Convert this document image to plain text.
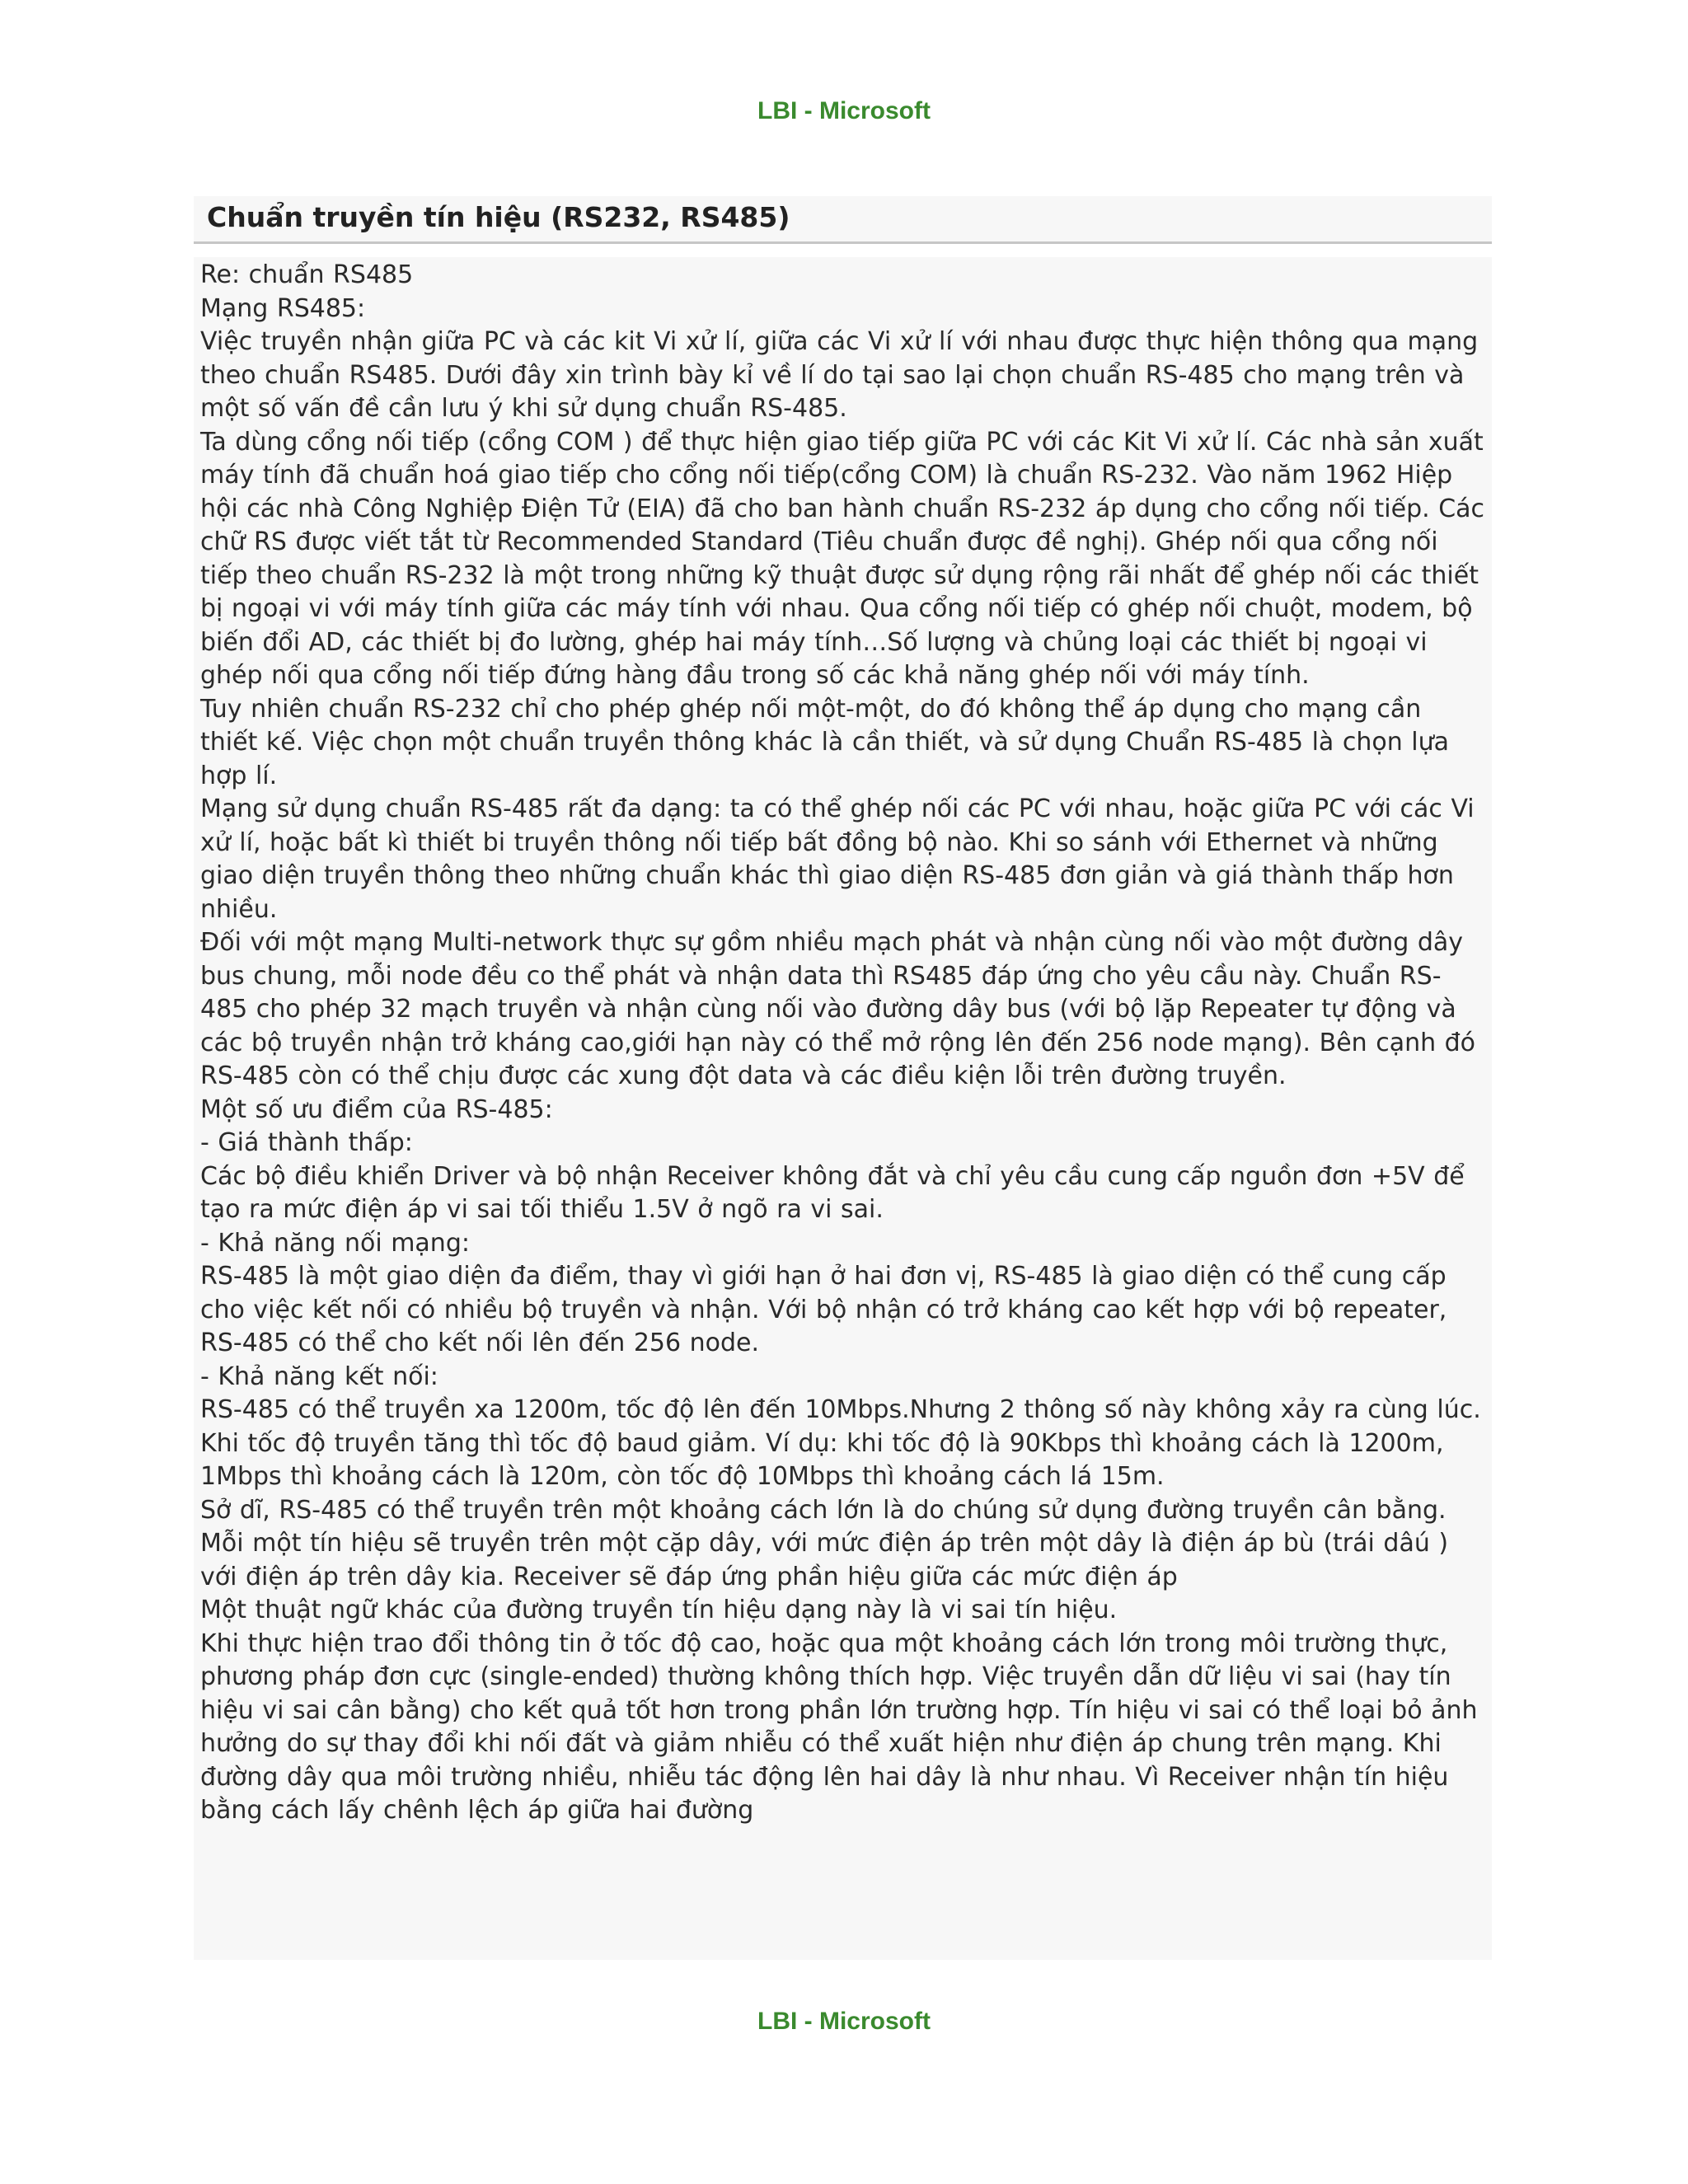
LBI - Microsoft
Chuẩn truyền tín hiệu (RS232, RS485)

Re: chuẩn RS485

Mạng RS485:

Việc truyền nhận giữa PC và các kit Vi xử lí, giữa các Vi xử lí với nhau được thực hiện thông qua mạng theo chuẩn RS485. Dưới đây xin trình bày kỉ về lí do tại sao lại chọn chuẩn RS-485 cho mạng trên và một số vấn đề cần lưu ý khi sử dụng chuẩn RS-485.

Ta dùng cổng nối tiếp (cổng COM ) để thực hiện giao tiếp giữa PC với các Kit Vi xử lí. Các nhà sản xuất máy tính đã chuẩn hoá giao tiếp cho cổng nối tiếp(cổng COM) là chuẩn RS-232. Vào năm 1962 Hiệp hội các nhà Công Nghiệp Điện Tử (EIA) đã cho ban hành chuẩn RS-232 áp dụng cho cổng nối tiếp. Các chữ RS được viết tắt từ Recommended Standard (Tiêu chuẩn được đề nghị). Ghép nối qua cổng nối tiếp theo chuẩn RS-232 là một trong những kỹ thuật được sử dụng rộng rãi nhất để ghép nối các thiết bị ngoại vi với máy tính giữa các máy tính với nhau. Qua cổng nối tiếp có ghép nối chuột, modem, bộ biến đổi AD, các thiết bị đo lường, ghép hai máy tính…Số lượng và chủng loại các thiết bị ngoại vi ghép nối qua cổng nối tiếp đứng hàng đầu trong số các khả năng ghép nối với máy tính.

Tuy nhiên chuẩn RS-232 chỉ cho phép ghép nối một-một, do đó không thể áp dụng cho mạng cần thiết kế. Việc chọn một chuẩn truyền thông khác là cần thiết, và sử dụng Chuẩn RS-485 là chọn lựa hợp lí.

Mạng sử dụng chuẩn RS-485 rất đa dạng: ta có thể ghép nối các PC với nhau, hoặc giữa PC với các Vi xử lí, hoặc bất kì thiết bi truyền thông nối tiếp bất đồng bộ nào. Khi so sánh với Ethernet và những giao diện truyền thông theo những chuẩn khác thì giao diện RS-485 đơn giản và giá thành thấp hơn nhiều.

Đối với một mạng Multi-network thực sự gồm nhiều mạch phát và nhận cùng nối vào một đường dây bus chung, mỗi node đều co thể phát và nhận data thì RS485 đáp ứng cho yêu cầu này. Chuẩn RS-485 cho phép 32 mạch truyền và nhận cùng nối vào đường dây bus (với bộ lặp Repeater tự động và các bộ truyền nhận trở kháng cao,giới hạn này có thể mở rộng lên đến 256 node mạng). Bên cạnh đó RS-485 còn có thể chịu được các xung đột data và các điều kiện lỗi trên đường truyền.

Một số ưu điểm của RS-485:

- Giá thành thấp:

Các bộ điều khiển Driver và bộ nhận Receiver không đắt và chỉ yêu cầu cung cấp nguồn đơn +5V để tạo ra mức điện áp vi sai tối thiểu 1.5V ở ngõ ra vi sai.

- Khả năng nối mạng:

RS-485 là một giao diện đa điểm, thay vì giới hạn ở hai đơn vị, RS-485 là giao diện có thể cung cấp cho việc kết nối có nhiều bộ truyền và nhận. Với bộ nhận có trở kháng cao kết hợp với bộ repeater, RS-485 có thể cho kết nối lên đến 256 node.

- Khả năng kết nối:

RS-485 có thể truyền xa 1200m, tốc độ lên đến 10Mbps.Nhưng 2 thông số này không xảy ra cùng lúc. Khi tốc độ truyền tăng thì tốc độ baud giảm. Ví dụ: khi tốc độ là 90Kbps thì khoảng cách là 1200m, 1Mbps thì khoảng cách là 120m, còn tốc độ 10Mbps thì khoảng cách lá 15m.

Sở dĩ, RS-485 có thể truyền trên một khoảng cách lớn là do chúng sử dụng đường truyền cân bằng. Mỗi một tín hiệu sẽ truyền trên một cặp dây, với mức điện áp trên một dây là điện áp bù (trái dâú ) với điện áp trên dây kia. Receiver sẽ đáp ứng phần hiệu giữa các mức điện áp

Một thuật ngữ khác của đường truyền tín hiệu dạng này là vi sai tín hiệu.

Khi thực hiện trao đổi thông tin ở tốc độ cao, hoặc qua một khoảng cách lớn trong môi trường thực, phương pháp đơn cực (single-ended) thường không thích hợp. Việc truyền dẫn dữ liệu vi sai (hay tín hiệu vi sai cân bằng) cho kết quả tốt hơn trong phần lớn trường hợp. Tín hiệu vi sai có thể loại bỏ ảnh hưởng do sự thay đổi khi nối đất và giảm nhiễu có thể xuất hiện như điện áp chung trên mạng. Khi đường dây qua môi trường nhiều, nhiễu tác động lên hai dây là như nhau. Vì Receiver nhận tín hiệu bằng cách lấy chênh lệch áp giữa hai đường

LBI - Microsoft
